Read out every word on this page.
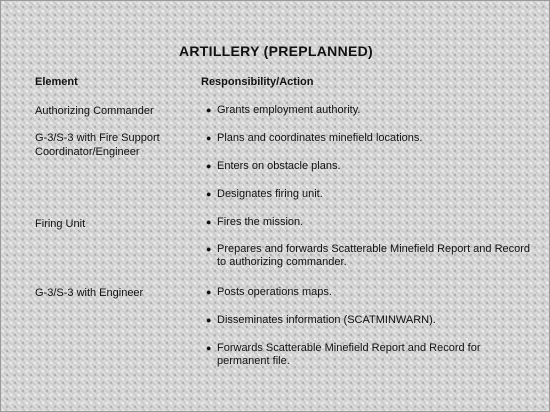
ARTILLERY (PREPLANNED)
Element	Responsibility/Action
Authorizing Commander
G-3/S-3 with Fire Support Coordinator/Engineer
Firing Unit
G-3/S-3 with Engineer
● Grants employment authority.
● Plans and coordinates minefield locations.
● Enters on obstacle plans.
● Designates firing unit.
● Fires the mission.
● Prepares and forwards Scatterable Minefield Report and Record to authorizing commander.
● Posts operations maps.
● Disseminates information (SCATMINWARN).
● Forwards Scatterable Minefield Report and Record for permanent file.
